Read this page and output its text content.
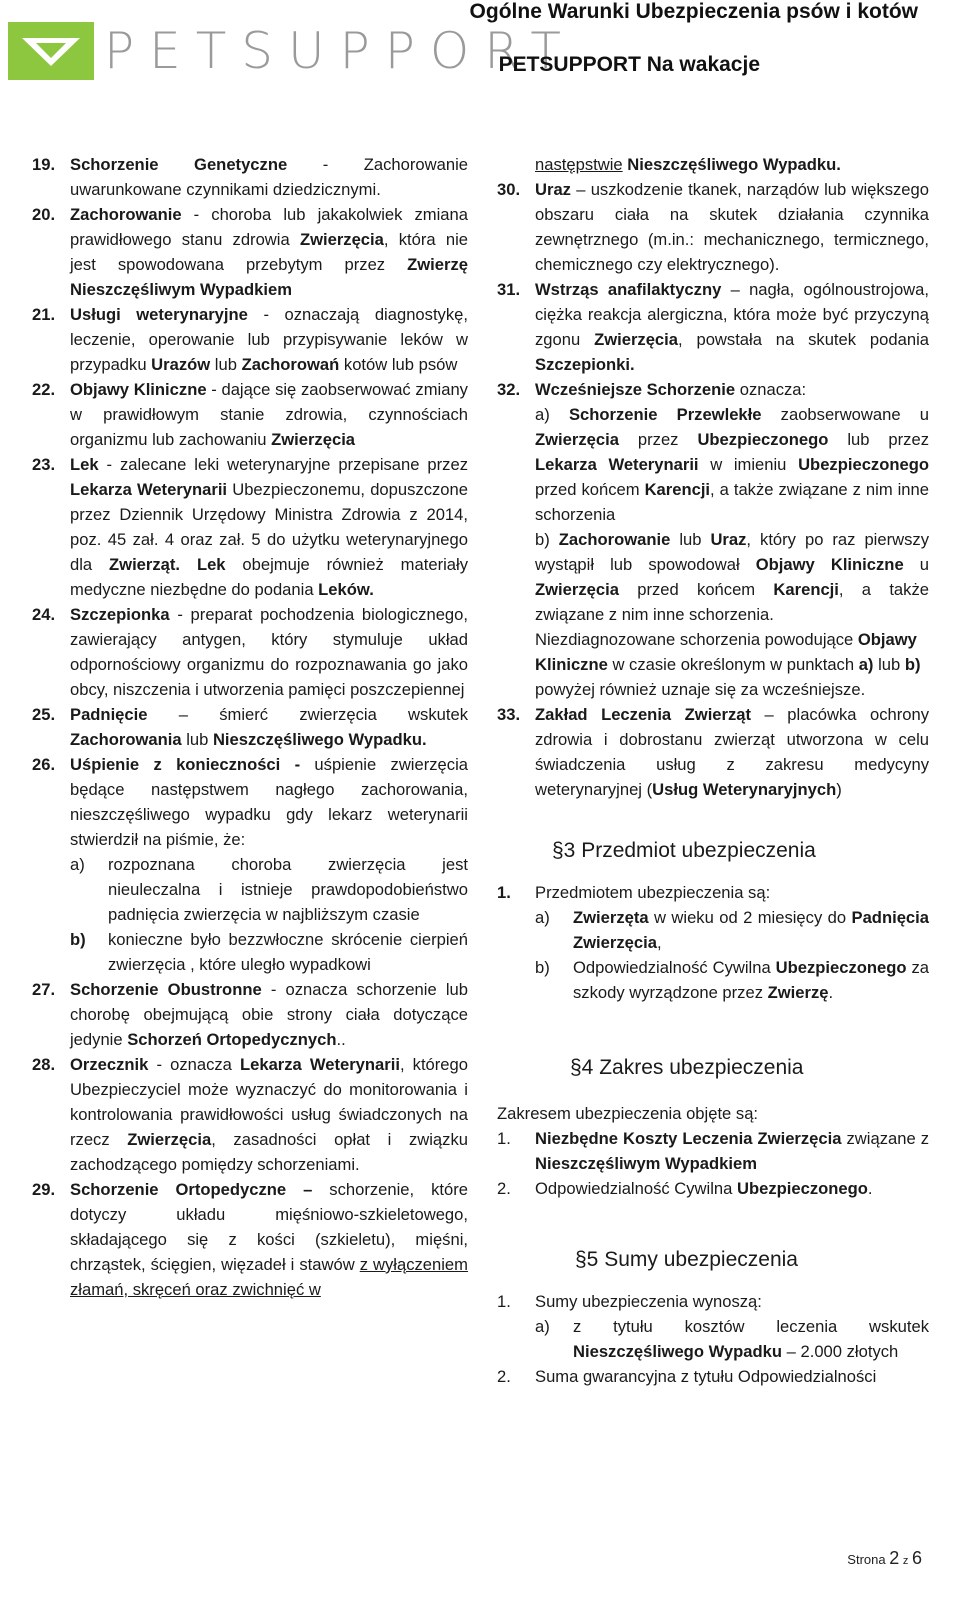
PETSUPPORT
Ogólne Warunki Ubezpieczenia psów i kotów
PETSUPPORT Na wakacje
19. Schorzenie Genetyczne - Zachorowanie uwarunkowane czynnikami dziedzicznymi.
20. Zachorowanie - choroba lub jakakolwiek zmiana prawidłowego stanu zdrowia Zwierzęcia, która nie jest spowodowana przebytym przez Zwierzę Nieszczęśliwym Wypadkiem
21. Usługi weterynaryjne - oznaczają diagnostykę, leczenie, operowanie lub przypisywanie leków w przypadku Urazów lub Zachorowań kotów lub psów
22. Objawy Kliniczne - dające się zaobserwować zmiany w prawidłowym stanie zdrowia, czynnościach organizmu lub zachowaniu Zwierzęcia
23. Lek - zalecane leki weterynaryjne przepisane przez Lekarza Weterynarii Ubezpieczonemu, dopuszczone przez Dziennik Urzędowy Ministra Zdrowia z 2014, poz. 45 zał. 4 oraz zał. 5 do użytku weterynaryjnego dla Zwierząt. Lek obejmuje również materiały medyczne niezbędne do podania Leków.
24. Szczepionka - preparat pochodzenia biologicznego, zawierający antygen, który stymuluje układ odpornościowy organizmu do rozpoznawania go jako obcy, niszczenia i utworzenia pamięci poszczepiennej
25. Padnięcie – śmierć zwierzęcia wskutek Zachorowania lub Nieszczęśliwego Wypadku.
26. Uśpienie z konieczności - uśpienie zwierzęcia będące następstwem nagłego zachorowania, nieszczęśliwego wypadku gdy lekarz weterynarii stwierdził na piśmie, że:
a)	rozpoznana choroba zwierzęcia jest nieuleczalna i istnieje prawdopodobieństwo padnięcia zwierzęcia w najbliższym czasie
b)	konieczne było bezzwłoczne skrócenie cierpień zwierzęcia , które uległo wypadkowi
27. Schorzenie Obustronne - oznacza schorzenie lub chorobę obejmującą obie strony ciała dotyczące jedynie Schorzeń Ortopedycznych..
28. Orzecznik - oznacza Lekarza Weterynarii, którego Ubezpieczyciel może wyznaczyć do monitorowania i kontrolowania prawidłowości usług świadczonych na rzecz Zwierzęcia, zasadności opłat i związku zachodzącego pomiędzy schorzeniami.
29. Schorzenie Ortopedyczne – schorzenie, które dotyczy układu mięśniowo-szkieletowego, składającego się z kości (szkieletu), mięśni, chrząstek, ścięgien, więzadeł i stawów z wyłączeniem złamań, skręceń oraz zwichnięć w
następstwie Nieszczęśliwego Wypadku.
30. Uraz – uszkodzenie tkanek, narządów lub większego obszaru ciała na skutek działania czynnika zewnętrznego (m.in.: mechanicznego, termicznego, chemicznego czy elektrycznego).
31. Wstrząs anafilaktyczny – nagła, ogólnoustrojowa, ciężka reakcja alergiczna, która może być przyczyną zgonu Zwierzęcia, powstała na skutek podania Szczepionki.
32. Wcześniejsze Schorzenie oznacza:
a) Schorzenie Przewlekłe zaobserwowane u Zwierzęcia przez Ubezpieczonego lub przez Lekarza Weterynarii w imieniu Ubezpieczonego przed końcem Karencji, a także związane z nim inne schorzenia
b) Zachorowanie lub Uraz, który po raz pierwszy wystąpił lub spowodował Objawy Kliniczne u Zwierzęcia przed końcem Karencji, a także związane z nim inne schorzenia.
Niezdiagnozowane schorzenia powodujące Objawy Kliniczne w czasie określonym w punktach a) lub b) powyżej również uznaje się za wcześniejsze.
33. Zakład Leczenia Zwierząt – placówka ochrony zdrowia i dobrostanu zwierząt utworzona w celu świadczenia usług z zakresu medycyny weterynaryjnej (Usług Weterynaryjnych)
§3 Przedmiot ubezpieczenia
1.	Przedmiotem ubezpieczenia są:
a)	Zwierzęta w wieku od 2 miesięcy do Padnięcia Zwierzęcia,
b)	Odpowiedzialność Cywilna Ubezpieczonego za szkody wyrządzone przez Zwierzę.
§4 Zakres ubezpieczenia
Zakresem ubezpieczenia objęte są:
1.	Niezbędne Koszty Leczenia Zwierzęcia związane z Nieszczęśliwym Wypadkiem
2.	Odpowiedzialność Cywilna Ubezpieczonego.
§5 Sumy ubezpieczenia
1.	Sumy ubezpieczenia wynoszą:
a)	z tytułu kosztów leczenia wskutek Nieszczęśliwego Wypadku – 2.000 złotych
2.	Suma gwarancyjna z tytułu Odpowiedzialności
Strona 2 z 6
